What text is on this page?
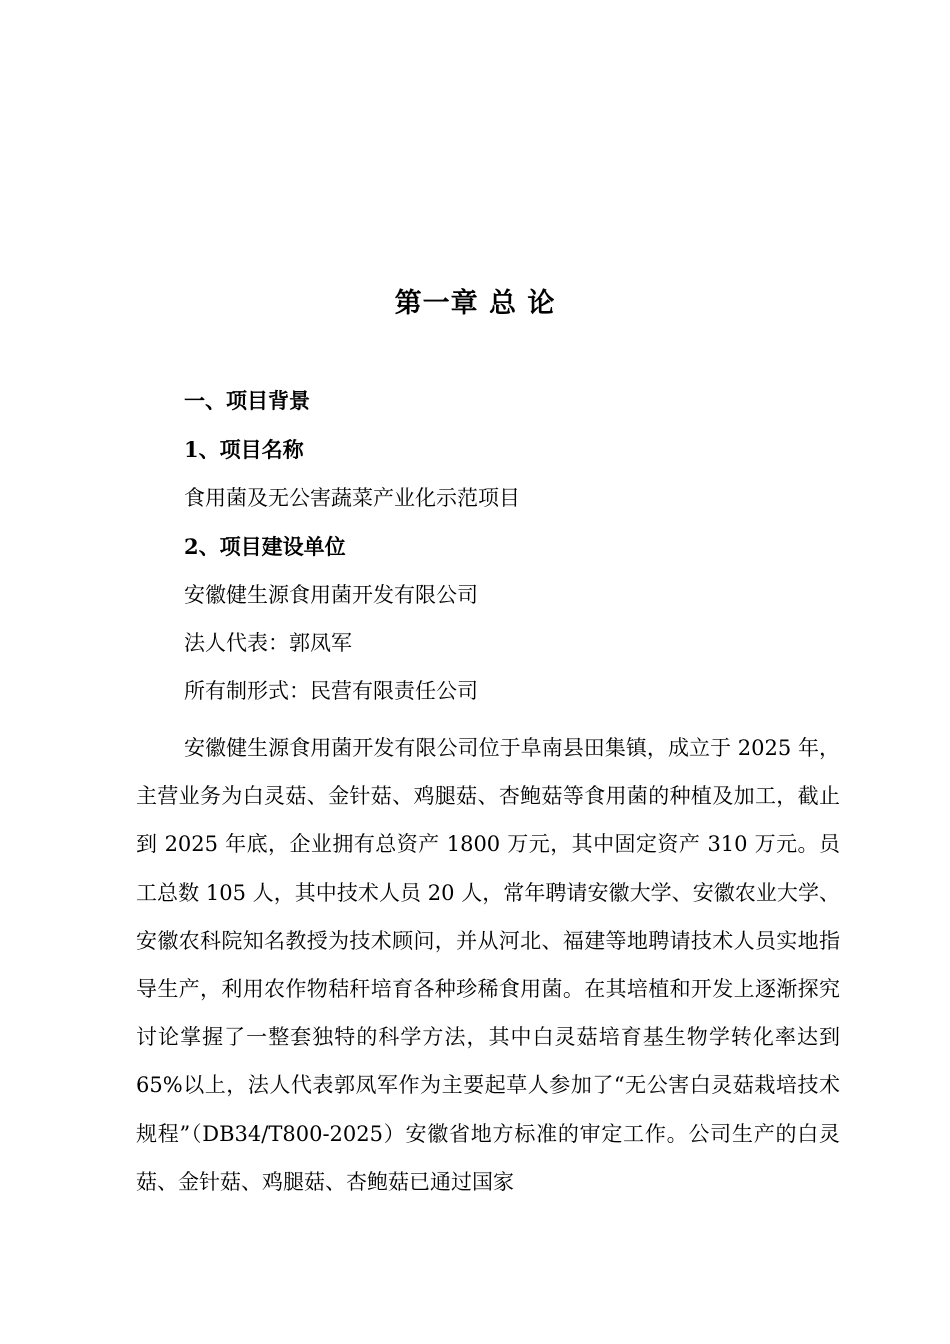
第一章 总 论
一、项目背景
1、项目名称
食用菌及无公害蔬菜产业化示范项目
2、项目建设单位
安徽健生源食用菌开发有限公司
法人代表：郭凤军
所有制形式：民营有限责任公司
安徽健生源食用菌开发有限公司位于阜南县田集镇，成立于 2025 年，主营业务为白灵菇、金针菇、鸡腿菇、杏鲍菇等食用菌的种植及加工，截止到 2025 年底，企业拥有总资产 1800 万元，其中固定资产 310 万元。员工总数 105 人，其中技术人员 20 人，常年聘请安徽大学、安徽农业大学、安徽农科院知名教授为技术顾问，并从河北、福建等地聘请技术人员实地指导生产，利用农作物秸秆培育各种珍稀食用菌。在其培植和开发上逐渐探究讨论掌握了一整套独特的科学方法，其中白灵菇培育基生物学转化率达到 65%以上，法人代表郭凤军作为主要起草人参加了“无公害白灵菇栽培技术规程”（DB34/T800-2025）安徽省地方标准的审定工作。公司生产的白灵菇、金针菇、鸡腿菇、杏鲍菇已通过国家
